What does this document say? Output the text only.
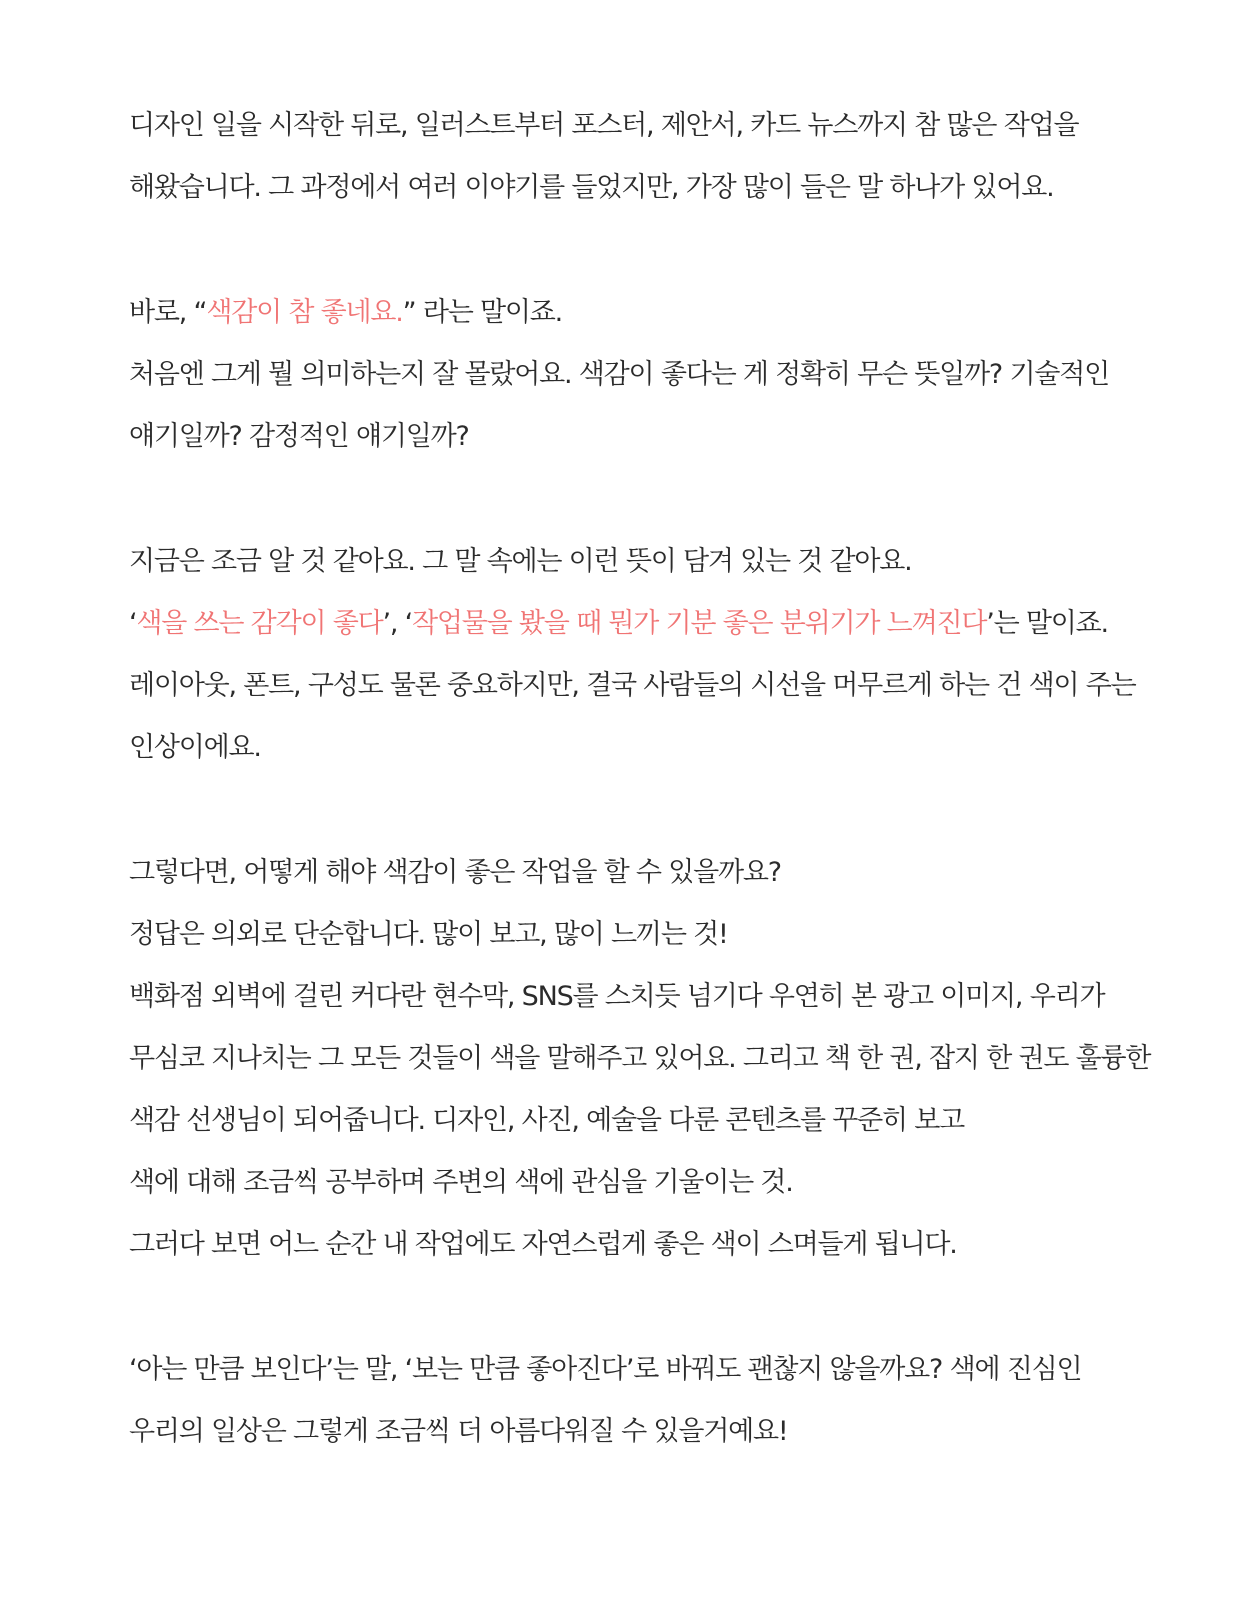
디자인 일을 시작한 뒤로, 일러스트부터 포스터, 제안서, 카드 뉴스까지 참 많은 작업을
해왔습니다. 그 과정에서 여러 이야기를 들었지만, 가장 많이 들은 말 하나가 있어요.
바로, “색감이 참 좋네요.” 라는 말이죠.
처음엔 그게 뭘 의미하는지 잘 몰랐어요. 색감이 좋다는 게 정확히 무슨 뜻일까? 기술적인
얘기일까? 감정적인 얘기일까?
지금은 조금 알 것 같아요. 그 말 속에는 이런 뜻이 담겨 있는 것 같아요.
‘색을 쓰는 감각이 좋다’, ‘작업물을 봤을 때 뭔가 기분 좋은 분위기가 느껴진다’는 말이죠.
레이아웃, 폰트, 구성도 물론 중요하지만, 결국 사람들의 시선을 머무르게 하는 건 색이 주는
인상이에요.
그렇다면, 어떻게 해야 색감이 좋은 작업을 할 수 있을까요?
정답은 의외로 단순합니다. 많이 보고, 많이 느끼는 것!
백화점 외벽에 걸린 커다란 현수막, SNS를 스치듯 넘기다 우연히 본 광고 이미지, 우리가
무심코 지나치는 그 모든 것들이 색을 말해주고 있어요. 그리고 책 한 권, 잡지 한 권도 훌륭한
색감 선생님이 되어줍니다. 디자인, 사진, 예술을 다룬 콘텐츠를 꾸준히 보고
색에 대해 조금씩 공부하며 주변의 색에 관심을 기울이는 것.
그러다 보면 어느 순간 내 작업에도 자연스럽게 좋은 색이 스며들게 됩니다.
‘아는 만큼 보인다’는 말, ‘보는 만큼 좋아진다’로 바꿔도 괜찮지 않을까요? 색에 진심인
우리의 일상은 그렇게 조금씩 더 아름다워질 수 있을거예요!
